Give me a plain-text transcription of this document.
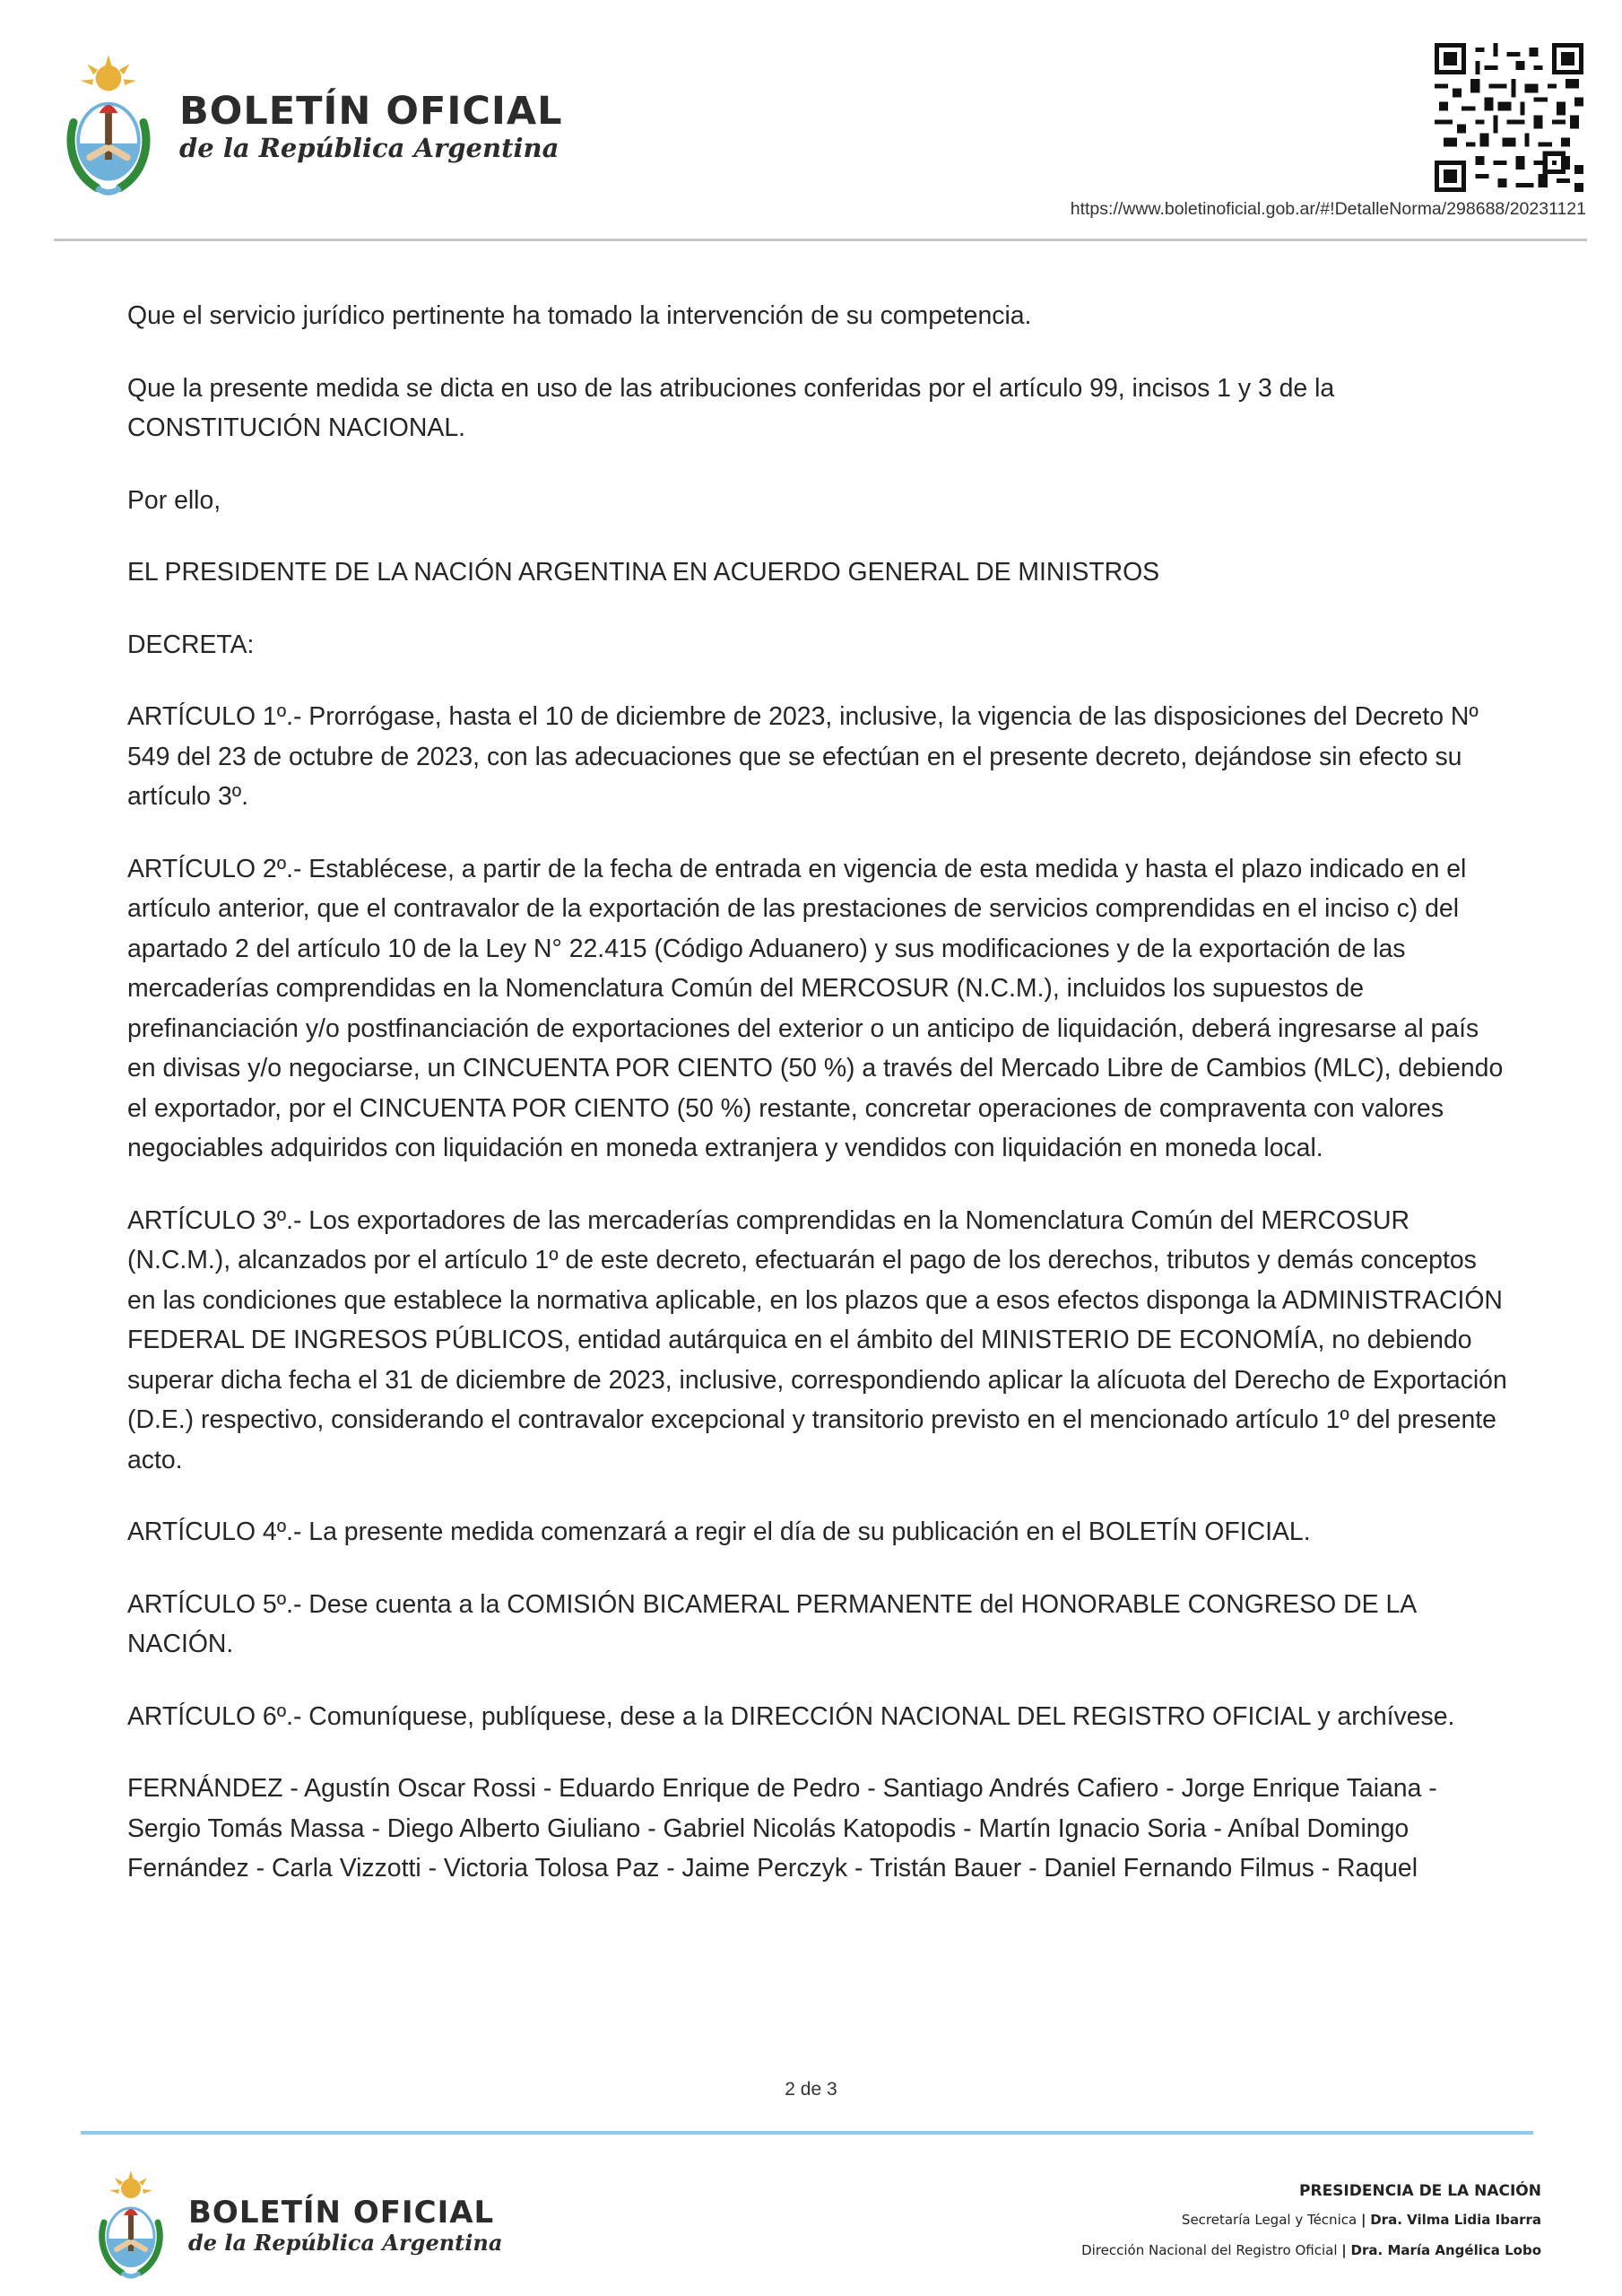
BOLETÍN OFICIAL
de la República Argentina
https://www.boletinoficial.gob.ar/#!DetalleNorma/298688/20231121

Que el servicio jurídico pertinente ha tomado la intervención de su competencia.

Que la presente medida se dicta en uso de las atribuciones conferidas por el artículo 99, incisos 1 y 3 de la CONSTITUCIÓN NACIONAL.

Por ello,

EL PRESIDENTE DE LA NACIÓN ARGENTINA EN ACUERDO GENERAL DE MINISTROS

DECRETA:

ARTÍCULO 1º.- Prorrógase, hasta el 10 de diciembre de 2023, inclusive, la vigencia de las disposiciones del Decreto Nº 549 del 23 de octubre de 2023, con las adecuaciones que se efectúan en el presente decreto, dejándose sin efecto su artículo 3º.

ARTÍCULO 2º.- Establécese, a partir de la fecha de entrada en vigencia de esta medida y hasta el plazo indicado en el artículo anterior, que el contravalor de la exportación de las prestaciones de servicios comprendidas en el inciso c) del apartado 2 del artículo 10 de la Ley N° 22.415 (Código Aduanero) y sus modificaciones y de la exportación de las mercaderías comprendidas en la Nomenclatura Común del MERCOSUR (N.C.M.), incluidos los supuestos de prefinanciación y/o postfinanciación de exportaciones del exterior o un anticipo de liquidación, deberá ingresarse al país en divisas y/o negociarse, un CINCUENTA POR CIENTO (50 %) a través del Mercado Libre de Cambios (MLC), debiendo el exportador, por el CINCUENTA POR CIENTO (50 %) restante, concretar operaciones de compraventa con valores negociables adquiridos con liquidación en moneda extranjera y vendidos con liquidación en moneda local.

ARTÍCULO 3º.- Los exportadores de las mercaderías comprendidas en la Nomenclatura Común del MERCOSUR (N.C.M.), alcanzados por el artículo 1º de este decreto, efectuarán el pago de los derechos, tributos y demás conceptos en las condiciones que establece la normativa aplicable, en los plazos que a esos efectos disponga la ADMINISTRACIÓN FEDERAL DE INGRESOS PÚBLICOS, entidad autárquica en el ámbito del MINISTERIO DE ECONOMÍA, no debiendo superar dicha fecha el 31 de diciembre de 2023, inclusive, correspondiendo aplicar la alícuota del Derecho de Exportación (D.E.) respectivo, considerando el contravalor excepcional y transitorio previsto en el mencionado artículo 1º del presente acto.

ARTÍCULO 4º.- La presente medida comenzará a regir el día de su publicación en el BOLETÍN OFICIAL.

ARTÍCULO 5º.- Dese cuenta a la COMISIÓN BICAMERAL PERMANENTE del HONORABLE CONGRESO DE LA NACIÓN.

ARTÍCULO 6º.- Comuníquese, publíquese, dese a la DIRECCIÓN NACIONAL DEL REGISTRO OFICIAL y archívese.

FERNÁNDEZ - Agustín Oscar Rossi - Eduardo Enrique de Pedro - Santiago Andrés Cafiero - Jorge Enrique Taiana - Sergio Tomás Massa - Diego Alberto Giuliano - Gabriel Nicolás Katopodis - Martín Ignacio Soria - Aníbal Domingo Fernández - Carla Vizzotti - Victoria Tolosa Paz - Jaime Perczyk - Tristán Bauer - Daniel Fernando Filmus - Raquel

2 de 3
BOLETÍN OFICIAL
de la República Argentina
PRESIDENCIA DE LA NACIÓN
Secretaría Legal y Técnica | Dra. Vilma Lidia Ibarra
Dirección Nacional del Registro Oficial | Dra. María Angélica Lobo
